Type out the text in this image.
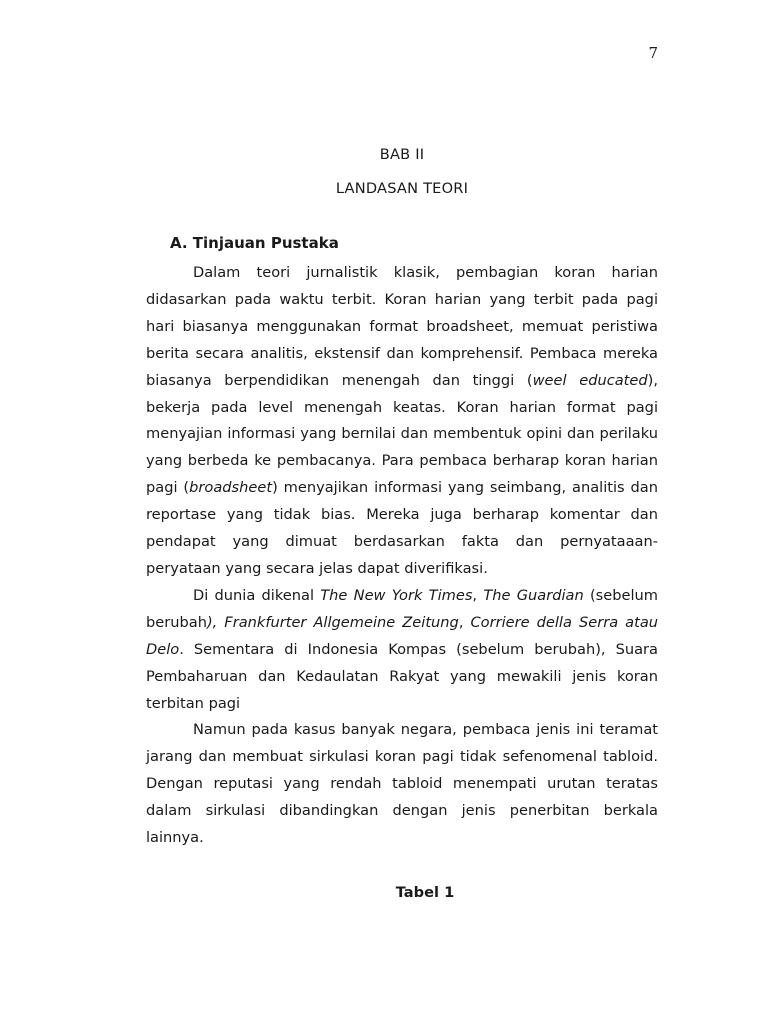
7
BAB II
LANDASAN TEORI
A. Tinjauan Pustaka

Dalam teori jurnalistik klasik, pembagian koran harian didasarkan pada waktu terbit. Koran harian yang terbit pada pagi hari biasanya menggunakan format broadsheet, memuat peristiwa berita secara analitis, ekstensif dan komprehensif. Pembaca mereka biasanya berpendidikan menengah dan tinggi (weel educated), bekerja pada level menengah keatas. Koran harian format pagi menyajian informasi yang bernilai dan membentuk opini dan perilaku yang berbeda ke pembacanya. Para pembaca berharap koran harian pagi (broadsheet) menyajikan informasi yang seimbang, analitis dan reportase yang tidak bias. Mereka juga berharap komentar dan pendapat yang dimuat berdasarkan fakta dan pernyataaan-peryataan yang secara jelas dapat diverifikasi.

Di dunia dikenal The New York Times, The Guardian (sebelum berubah), Frankfurter Allgemeine Zeitung, Corriere della Serra atau Delo. Sementara di Indonesia Kompas (sebelum berubah), Suara Pembaharuan dan Kedaulatan Rakyat yang mewakili jenis koran terbitan pagi

Namun pada kasus banyak negara, pembaca jenis ini teramat jarang dan membuat sirkulasi koran pagi tidak sefenomenal tabloid. Dengan reputasi yang rendah tabloid menempati urutan teratas dalam sirkulasi dibandingkan dengan jenis penerbitan berkala lainnya.

Tabel 1
